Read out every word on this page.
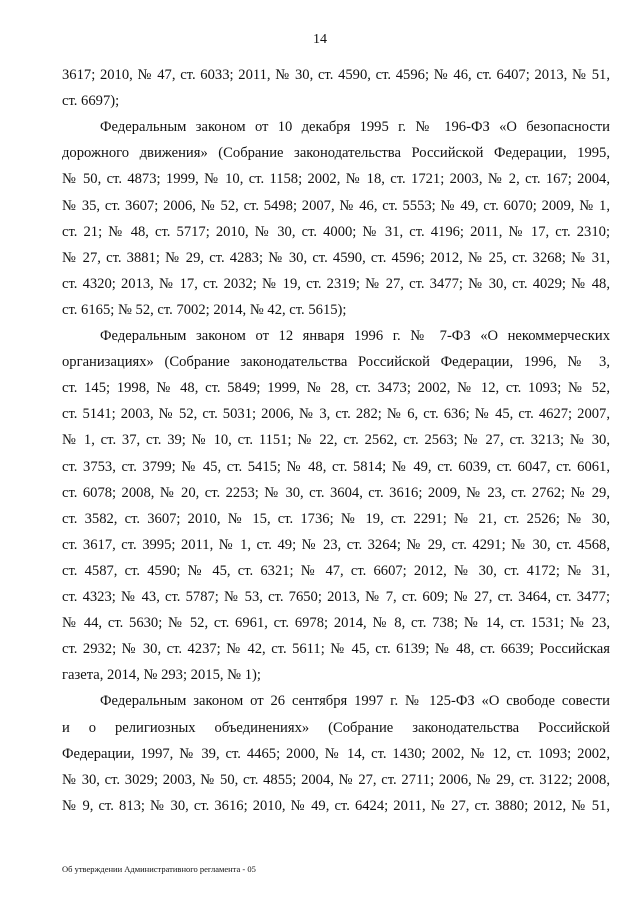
14
3617; 2010, № 47, ст. 6033; 2011, № 30, ст. 4590, ст. 4596; № 46, ст. 6407; 2013, № 51,
ст. 6697);
Федеральным законом от 10 декабря 1995 г. № 196-ФЗ «О безопасности
дорожного движения» (Собрание законодательства Российской Федерации, 1995,
№ 50, ст. 4873; 1999, № 10, ст. 1158; 2002, № 18, ст. 1721; 2003, № 2, ст. 167; 2004,
№ 35, ст. 3607; 2006, № 52, ст. 5498; 2007, № 46, ст. 5553; № 49, ст. 6070; 2009, № 1,
ст. 21; № 48, ст. 5717; 2010, № 30, ст. 4000; № 31, ст. 4196; 2011, № 17, ст. 2310;
№ 27, ст. 3881; № 29, ст. 4283; № 30, ст. 4590, ст. 4596; 2012, № 25, ст. 3268; № 31,
ст. 4320; 2013, № 17, ст. 2032; № 19, ст. 2319; № 27, ст. 3477; № 30, ст. 4029; № 48,
ст. 6165; № 52, ст. 7002; 2014, № 42, ст. 5615);
Федеральным законом от 12 января 1996 г. № 7-ФЗ «О некоммерческих
организациях» (Собрание законодательства Российской Федерации, 1996, № 3,
ст. 145; 1998, № 48, ст. 5849; 1999, № 28, ст. 3473; 2002, № 12, ст. 1093; № 52,
ст. 5141; 2003, № 52, ст. 5031; 2006, № 3, ст. 282; № 6, ст. 636; № 45, ст. 4627; 2007,
№ 1, ст. 37, ст. 39; № 10, ст. 1151; № 22, ст. 2562, ст. 2563; № 27, ст. 3213; № 30,
ст. 3753, ст. 3799; № 45, ст. 5415; № 48, ст. 5814; № 49, ст. 6039, ст. 6047, ст. 6061,
ст. 6078; 2008, № 20, ст. 2253; № 30, ст. 3604, ст. 3616; 2009, № 23, ст. 2762; № 29,
ст. 3582, ст. 3607; 2010, № 15, ст. 1736; № 19, ст. 2291; № 21, ст. 2526; № 30,
ст. 3617, ст. 3995; 2011, № 1, ст. 49; № 23, ст. 3264; № 29, ст. 4291; № 30, ст. 4568,
ст. 4587, ст. 4590; № 45, ст. 6321; № 47, ст. 6607; 2012, № 30, ст. 4172; № 31,
ст. 4323; № 43, ст. 5787; № 53, ст. 7650; 2013, № 7, ст. 609; № 27, ст. 3464, ст. 3477;
№ 44, ст. 5630; № 52, ст. 6961, ст. 6978; 2014, № 8, ст. 738; № 14, ст. 1531; № 23,
ст. 2932; № 30, ст. 4237; № 42, ст. 5611; № 45, ст. 6139; № 48, ст. 6639; Российская
газета, 2014, № 293; 2015, № 1);
Федеральным законом от 26 сентября 1997 г. № 125-ФЗ «О свободе совести
и о религиозных объединениях» (Собрание законодательства Российской
Федерации, 1997, № 39, ст. 4465; 2000, № 14, ст. 1430; 2002, № 12, ст. 1093; 2002,
№ 30, ст. 3029; 2003, № 50, ст. 4855; 2004, № 27, ст. 2711; 2006, № 29, ст. 3122; 2008,
№ 9, ст. 813; № 30, ст. 3616; 2010, № 49, ст. 6424; 2011, № 27, ст. 3880; 2012, № 51,
Об утверждении Административного регламента - 05
